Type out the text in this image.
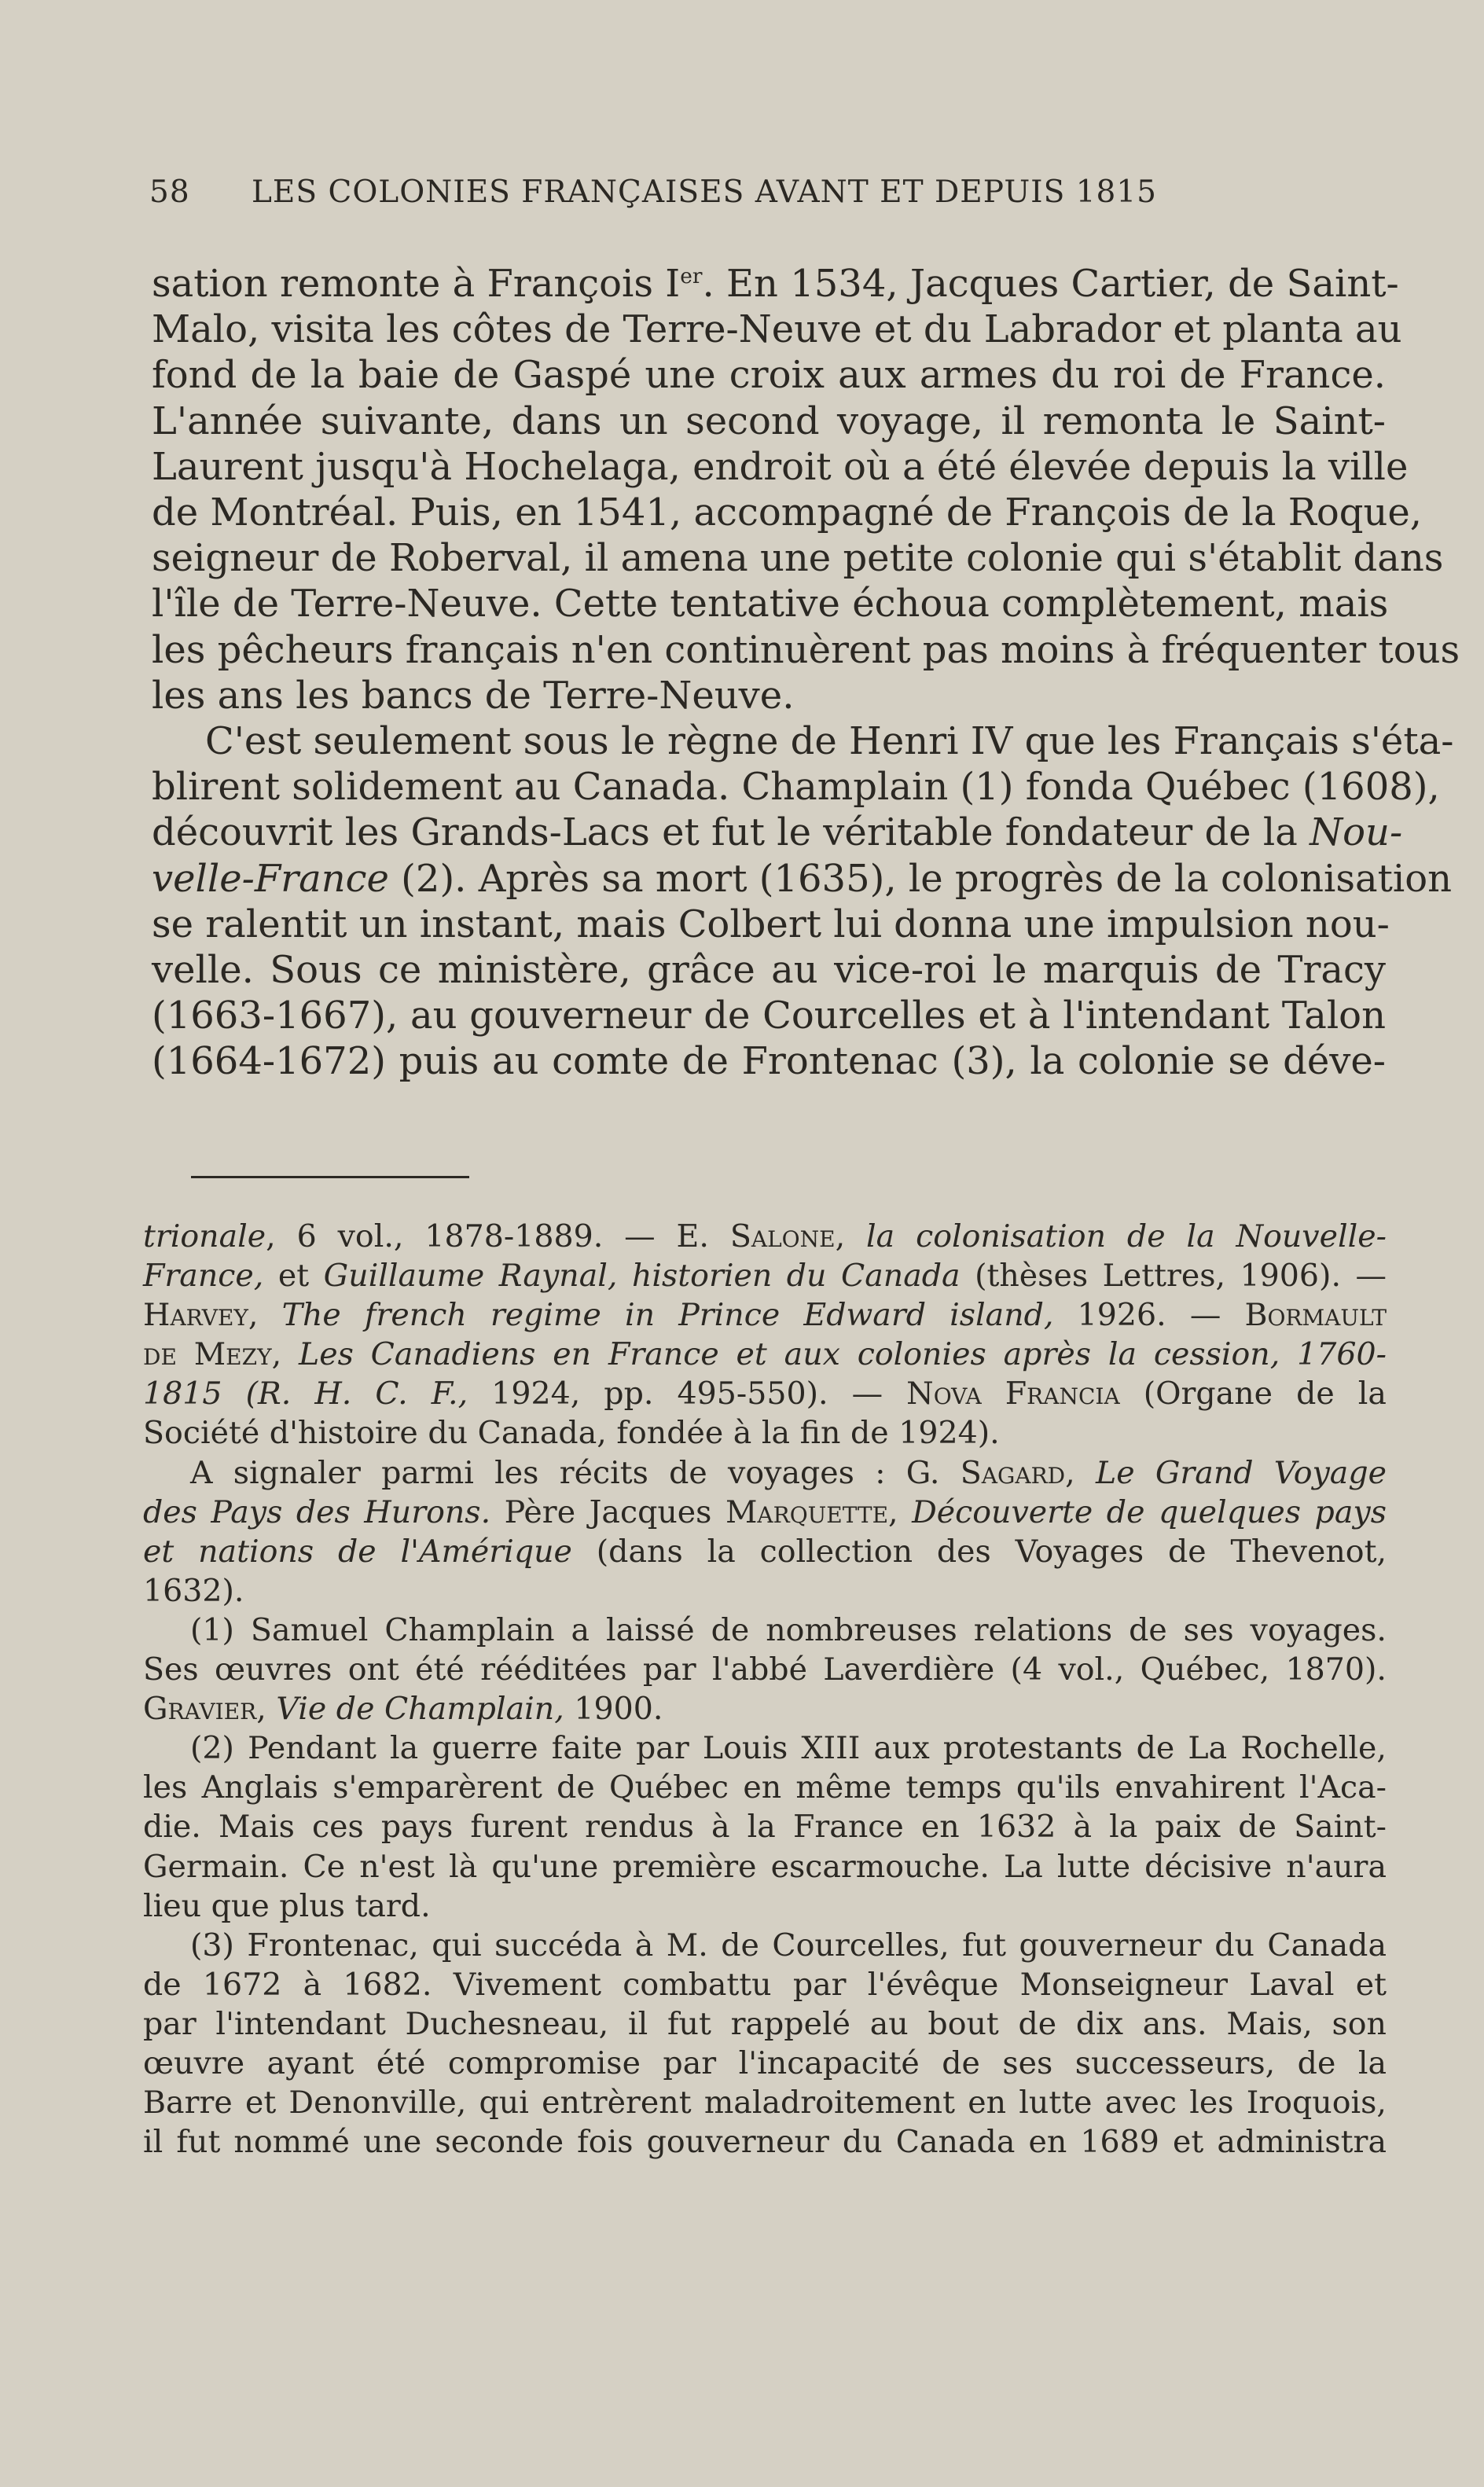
58 LES COLONIES FRANÇAISES AVANT ET DEPUIS 1815
sation remonte à François Ier. En 1534, Jacques Cartier, de Saint-
Malo, visita les côtes de Terre-Neuve et du Labrador et planta au
fond de la baie de Gaspé une croix aux armes du roi de France.
L'année suivante, dans un second voyage, il remonta le Saint-
Laurent jusqu'à Hochelaga, endroit où a été élevée depuis la ville
de Montréal. Puis, en 1541, accompagné de François de la Roque,
seigneur de Roberval, il amena une petite colonie qui s'établit dans
l'île de Terre-Neuve. Cette tentative échoua complètement, mais
les pêcheurs français n'en continuèrent pas moins à fréquenter tous
les ans les bancs de Terre-Neuve.
C'est seulement sous le règne de Henri IV que les Français s'éta-
blirent solidement au Canada. Champlain (1) fonda Québec (1608),
découvrit les Grands-Lacs et fut le véritable fondateur de la Nou-
velle-France (2). Après sa mort (1635), le progrès de la colonisation
se ralentit un instant, mais Colbert lui donna une impulsion nou-
velle. Sous ce ministère, grâce au vice-roi le marquis de Tracy
(1663-1667), au gouverneur de Courcelles et à l'intendant Talon
(1664-1672) puis au comte de Frontenac (3), la colonie se déve-
trionale, 6 vol., 1878-1889. — E. Salone, la colonisation de la Nouvelle-
France, et Guillaume Raynal, historien du Canada (thèses Lettres, 1906). —
Harvey, The french regime in Prince Edward island, 1926. — Bormault
de Mezy, Les Canadiens en France et aux colonies après la cession, 1760-
1815 (R. H. C. F., 1924, pp. 495-550). — Nova Francia (Organe de la
Société d'histoire du Canada, fondée à la fin de 1924).
A signaler parmi les récits de voyages : G. Sagard, Le Grand Voyage
des Pays des Hurons. Père Jacques Marquette, Découverte de quelques pays
et nations de l'Amérique (dans la collection des Voyages de Thevenot,
1632).
(1) Samuel Champlain a laissé de nombreuses relations de ses voyages.
Ses œuvres ont été rééditées par l'abbé Laverdière (4 vol., Québec, 1870).
Gravier, Vie de Champlain, 1900.
(2) Pendant la guerre faite par Louis XIII aux protestants de La Rochelle,
les Anglais s'emparèrent de Québec en même temps qu'ils envahirent l'Aca-
die. Mais ces pays furent rendus à la France en 1632 à la paix de Saint-
Germain. Ce n'est là qu'une première escarmouche. La lutte décisive n'aura
lieu que plus tard.
(3) Frontenac, qui succéda à M. de Courcelles, fut gouverneur du Canada
de 1672 à 1682. Vivement combattu par l'évêque Monseigneur Laval et
par l'intendant Duchesneau, il fut rappelé au bout de dix ans. Mais, son
œuvre ayant été compromise par l'incapacité de ses successeurs, de la
Barre et Denonville, qui entrèrent maladroitement en lutte avec les Iroquois,
il fut nommé une seconde fois gouverneur du Canada en 1689 et administra
